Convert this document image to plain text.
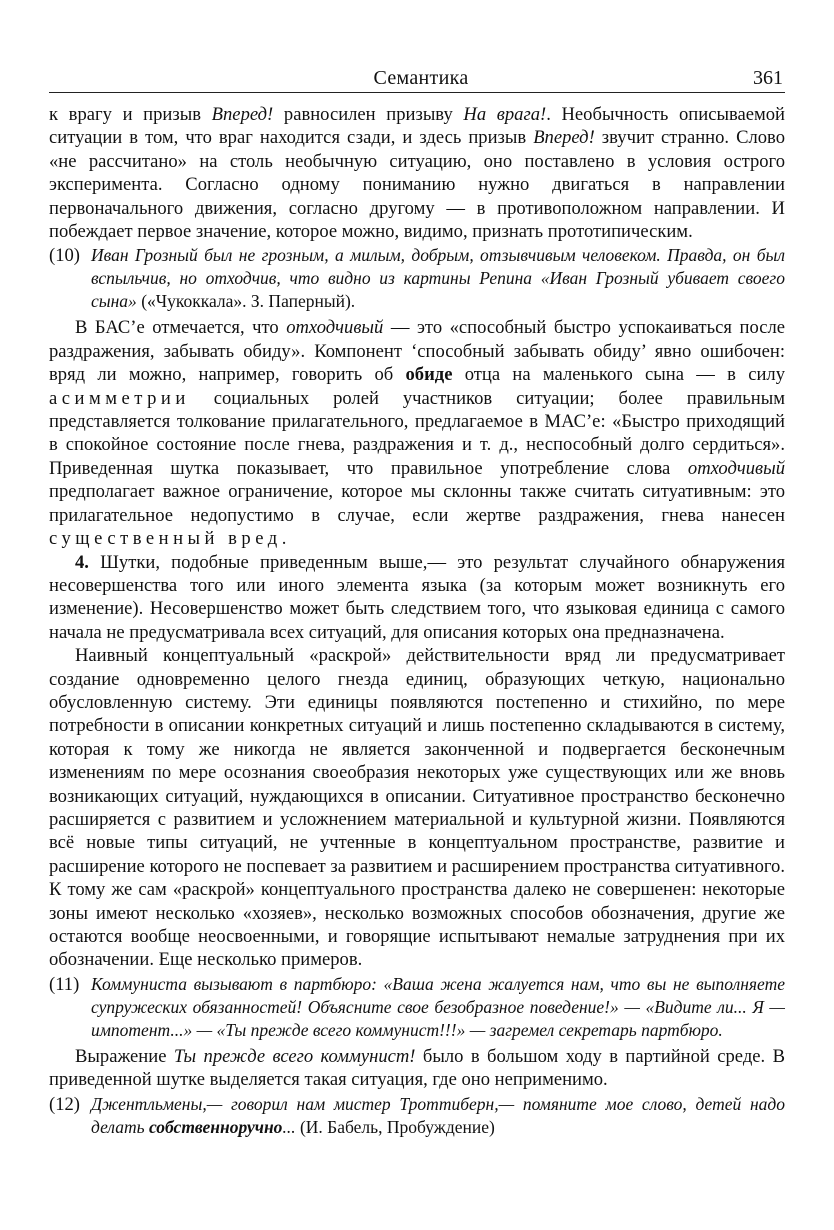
Семантика	361

к врагу и призыв Вперед! равносилен призыву На врага!. Необычность описываемой ситуации в том, что враг находится сзади, и здесь призыв Вперед! звучит странно. Слово «не рассчитано» на столь необычную ситуацию, оно поставлено в условия острого эксперимента. Согласно одному пониманию нужно двигаться в направлении первоначального движения, согласно другому — в противоположном направлении. И побеждает первое значение, которое можно, видимо, признать прототипическим.

(10) Иван Грозный был не грозным, а милым, добрым, отзывчивым человеком. Правда, он был вспыльчив, но отходчив, что видно из картины Репина «Иван Грозный убивает своего сына» («Чукоккала». З. Паперный).

В БАС’е отмечается, что отходчивый — это «способный быстро успокаиваться после раздражения, забывать обиду». Компонент ‘способный забывать обиду’ явно ошибочен: вряд ли можно, например, говорить об обиде отца на маленького сына — в силу асимметрии социальных ролей участников ситуации; более правильным представляется толкование прилагательного, предлагаемое в МАС’е: «Быстро приходящий в спокойное состояние после гнева, раздражения и т. д., неспособный долго сердиться». Приведенная шутка показывает, что правильное употребление слова отходчивый предполагает важное ограничение, которое мы склонны также считать ситуативным: это прилагательное недопустимо в случае, если жертве раздражения, гнева нанесен существенный вред.

4. Шутки, подобные приведенным выше,— это результат случайного обнаружения несовершенства того или иного элемента языка (за которым может возникнуть его изменение). Несовершенство может быть следствием того, что языковая единица с самого начала не предусматривала всех ситуаций, для описания которых она предназначена.

Наивный концептуальный «раскрой» действительности вряд ли предусматривает создание одновременно целого гнезда единиц, образующих четкую, национально обусловленную систему. Эти единицы появляются постепенно и стихийно, по мере потребности в описании конкретных ситуаций и лишь постепенно складываются в систему, которая к тому же никогда не является законченной и подвергается бесконечным изменениям по мере осознания своеобразия некоторых уже существующих или же вновь возникающих ситуаций, нуждающихся в описании. Ситуативное пространство бесконечно расширяется с развитием и усложнением материальной и культурной жизни. Появляются всё новые типы ситуаций, не учтенные в концептуальном пространстве, развитие и расширение которого не поспевает за развитием и расширением пространства ситуативного. К тому же сам «раскрой» концептуального пространства далеко не совершенен: некоторые зоны имеют несколько «хозяев», несколько возможных способов обозначения, другие же остаются вообще неосвоенными, и говорящие испытывают немалые затруднения при их обозначении. Еще несколько примеров.

(11) Коммуниста вызывают в партбюро: «Ваша жена жалуется нам, что вы не выполняете супружеских обязанностей! Объясните свое безобразное поведение!» — «Видите ли... Я — импотент...» — «Ты прежде всего коммунист!!!» — загремел секретарь партбюро.

Выражение Ты прежде всего коммунист! было в большом ходу в партийной среде. В приведенной шутке выделяется такая ситуация, где оно неприменимо.

(12) Джентльмены,— говорил нам мистер Троттиберн,— помяните мое слово, детей надо делать собственноручно... (И. Бабель, Пробуждение)
